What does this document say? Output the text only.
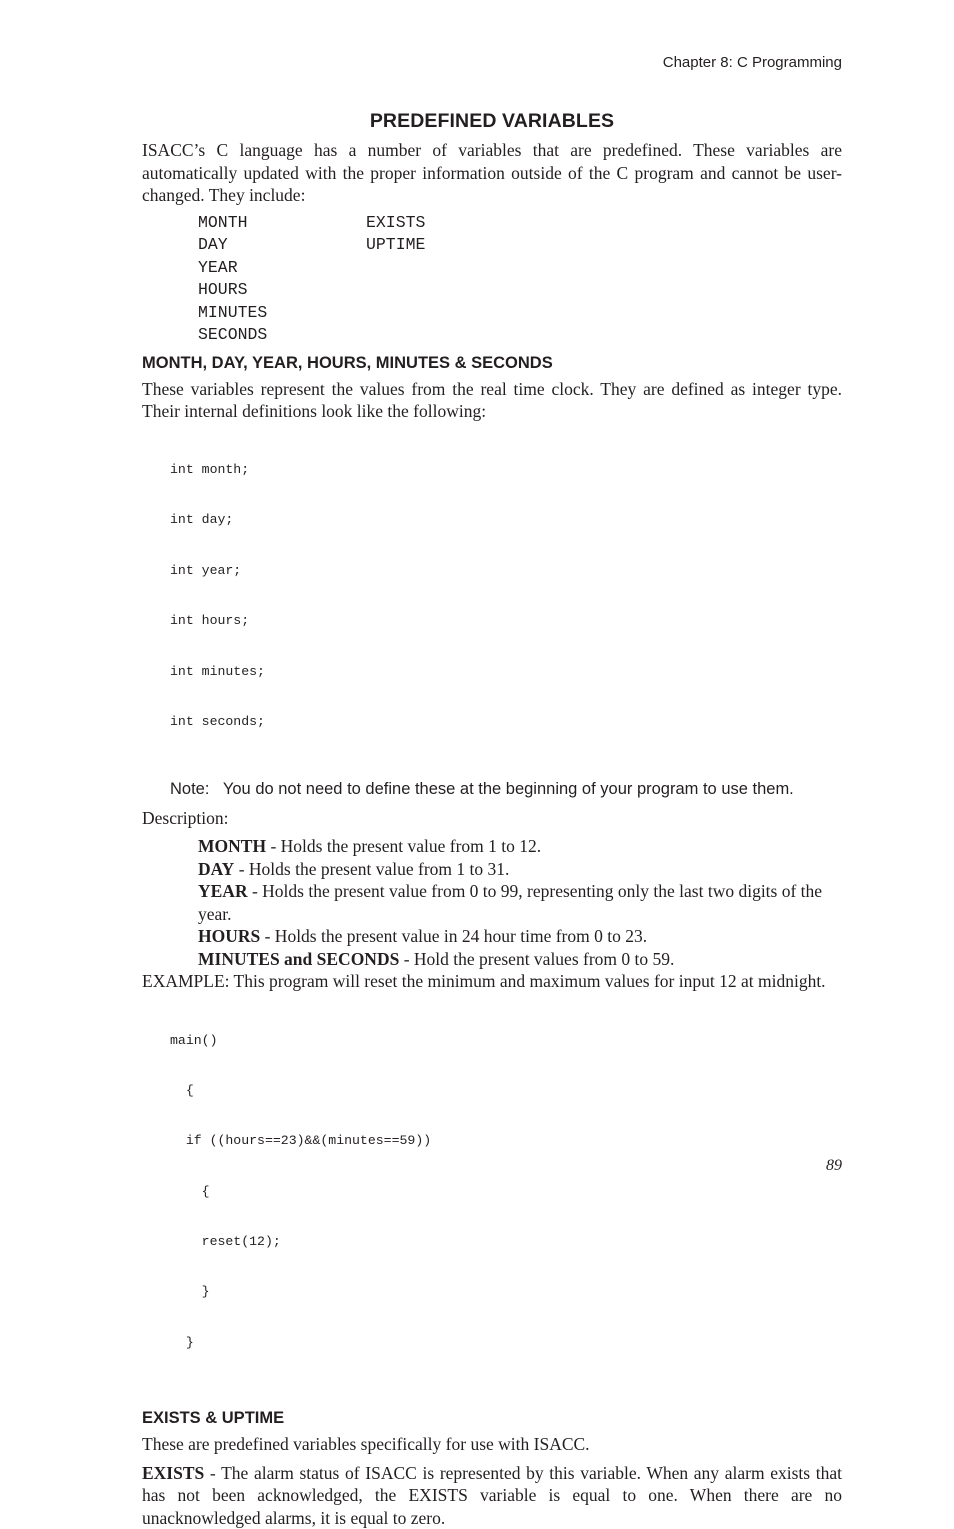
Chapter 8: C Programming
PREDEFINED VARIABLES

ISACC’s C language has a number of variables that are predefined. These variables are automatically updated with the proper information outside of the C program and cannot be user-changed. They include:

MONTH	EXISTS
DAY	UPTIME
YEAR
HOURS
MINUTES
SECONDS
MONTH, DAY, YEAR, HOURS, MINUTES & SECONDS

These variables represent the values from the real time clock. They are defined as integer type. Their internal definitions look like the following:

int month;

int day;

int year;

int hours;

int minutes;

int seconds;

Note:   You do not need to define these at the beginning of your program to use them.
Description:
MONTH - Holds the present value from 1 to 12.
DAY - Holds the present value from 1 to 31.
YEAR - Holds the present value from 0 to 99, representing only the last two digits of the year.
HOURS - Holds the present value in 24 hour time from 0 to 23.
MINUTES and SECONDS - Hold the present values from 0 to 59.
EXAMPLE: This program will reset the minimum and maximum values for input 12 at midnight.

main()

{

if ((hours==23)&&(minutes==59))

{

reset(12);

}

}

EXISTS & UPTIME

These are predefined variables specifically for use with ISACC.

EXISTS - The alarm status of ISACC is represented by this variable. When any alarm exists that has not been acknowledged, the EXISTS variable is equal to one. When there are no unacknowledged alarms, it is equal to zero.

89
